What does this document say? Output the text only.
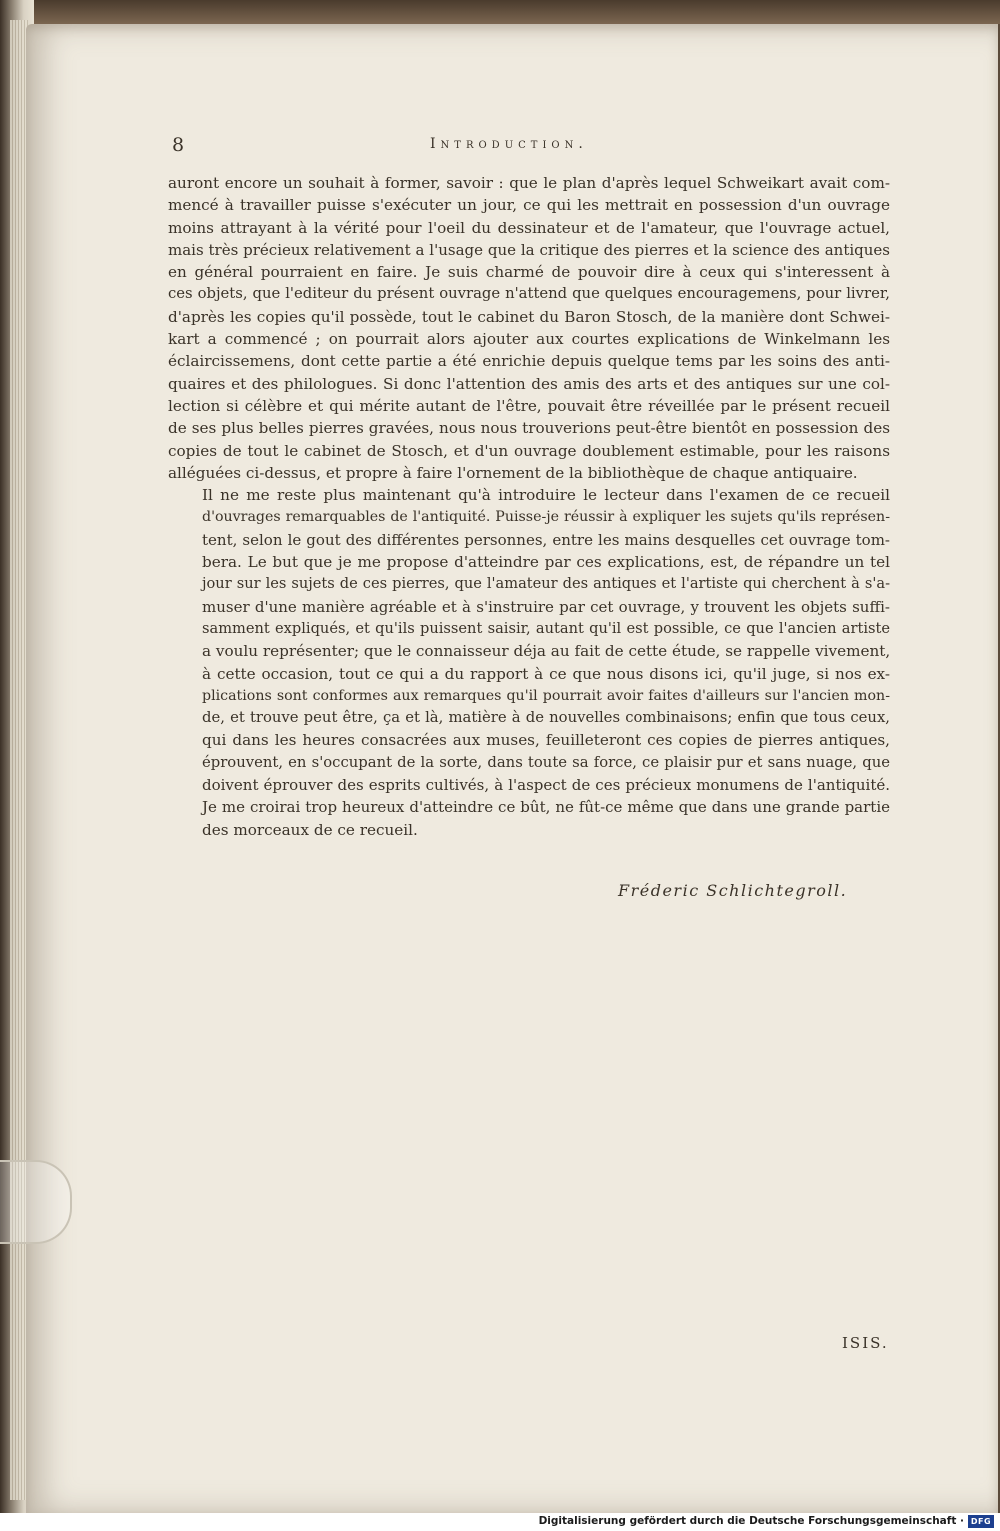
8	Introduction.

auront encore un souhait à former, savoir : que le plan d'après lequel Schweikart avait com-
mencé à travailler puisse s'exécuter un jour, ce qui les mettrait en possession d'un ouvrage
moins attrayant à la vérité pour l'oeil du dessinateur et de l'amateur, que l'ouvrage actuel,
mais très précieux relativement a l'usage que la critique des pierres et la science des antiques
en général pourraient en faire. Je suis charmé de pouvoir dire à ceux qui s'interessent à
ces objets, que l'editeur du présent ouvrage n'attend que quelques encouragemens, pour livrer,
d'après les copies qu'il possède, tout le cabinet du Baron Stosch, de la manière dont Schwei-
kart a commencé ; on pourrait alors ajouter aux courtes explications de Winkelmann les
éclaircissemens, dont cette partie a été enrichie depuis quelque tems par les soins des anti-
quaires et des philologues. Si donc l'attention des amis des arts et des antiques sur une col-
lection si célèbre et qui mérite autant de l'être, pouvait être réveillée par le présent recueil
de ses plus belles pierres gravées, nous nous trouverions peut-être bientôt en possession des
copies de tout le cabinet de Stosch, et d'un ouvrage doublement estimable, pour les raisons
alléguées ci-dessus, et propre à faire l'ornement de la bibliothèque de chaque antiquaire.

Il ne me reste plus maintenant qu'à introduire le lecteur dans l'examen de ce recueil
d'ouvrages remarquables de l'antiquité. Puisse-je réussir à expliquer les sujets qu'ils représen-
tent, selon le gout des différentes personnes, entre les mains desquelles cet ouvrage tom-
bera. Le but que je me propose d'atteindre par ces explications, est, de répandre un tel
jour sur les sujets de ces pierres, que l'amateur des antiques et l'artiste qui cherchent à s'a-
muser d'une manière agréable et à s'instruire par cet ouvrage, y trouvent les objets suffi-
samment expliqués, et qu'ils puissent saisir, autant qu'il est possible, ce que l'ancien artiste
a voulu représenter; que le connaisseur déja au fait de cette étude, se rappelle vivement,
à cette occasion, tout ce qui a du rapport à ce que nous disons ici, qu'il juge, si nos ex-
plications sont conformes aux remarques qu'il pourrait avoir faites d'ailleurs sur l'ancien mon-
de, et trouve peut être, ça et là, matière à de nouvelles combinaisons; enfin que tous ceux,
qui dans les heures consacrées aux muses, feuilleteront ces copies de pierres antiques,
éprouvent, en s'occupant de la sorte, dans toute sa force, ce plaisir pur et sans nuage, que
doivent éprouver des esprits cultivés, à l'aspect de ces précieux monumens de l'antiquité.
Je me croirai trop heureux d'atteindre ce bût, ne fût-ce même que dans une grande partie
des morceaux de ce recueil.

Fréderic Schlichtegroll.
ISIS.
Digitalisierung gefördert durch die Deutsche Forschungsgemeinschaft · DFG
